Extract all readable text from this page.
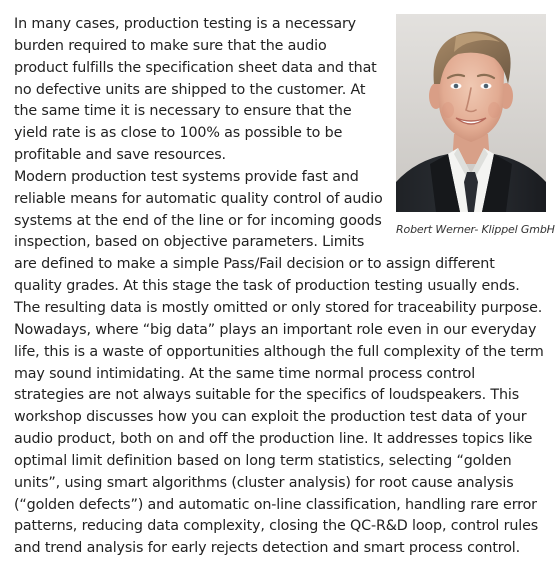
Robert Werner- Klippel GmbH

In many cases, production testing is a necessary burden required to make sure that the audio product fulfills the specification sheet data and that no defective units are shipped to the customer. At the same time it is necessary to ensure that the yield rate is as close to 100% as possible to be profitable and save resources.

Modern production test systems provide fast and reliable means for automatic quality control of audio systems at the end of the line or for incoming goods inspection, based on objective parameters. Limits are defined to make a simple Pass/Fail decision or to assign different quality grades. At this stage the task of production testing usually ends. The resulting data is mostly omitted or only stored for traceability purpose.

Nowadays, where “big data” plays an important role even in our everyday life, this is a waste of opportunities although the full complexity of the term may sound intimidating. At the same time normal process control strategies are not always suitable for the specifics of loudspeakers. This workshop discusses how you can exploit the production test data of your audio product, both on and off the production line. It addresses topics like optimal limit definition based on long term statistics, selecting “golden units”, using smart algorithms (cluster analysis) for root cause analysis (“golden defects”) and automatic on-line classification, handling rare error patterns, reducing data complexity, closing the QC-R&D loop, control rules and trend analysis for early rejects detection and smart process control.
